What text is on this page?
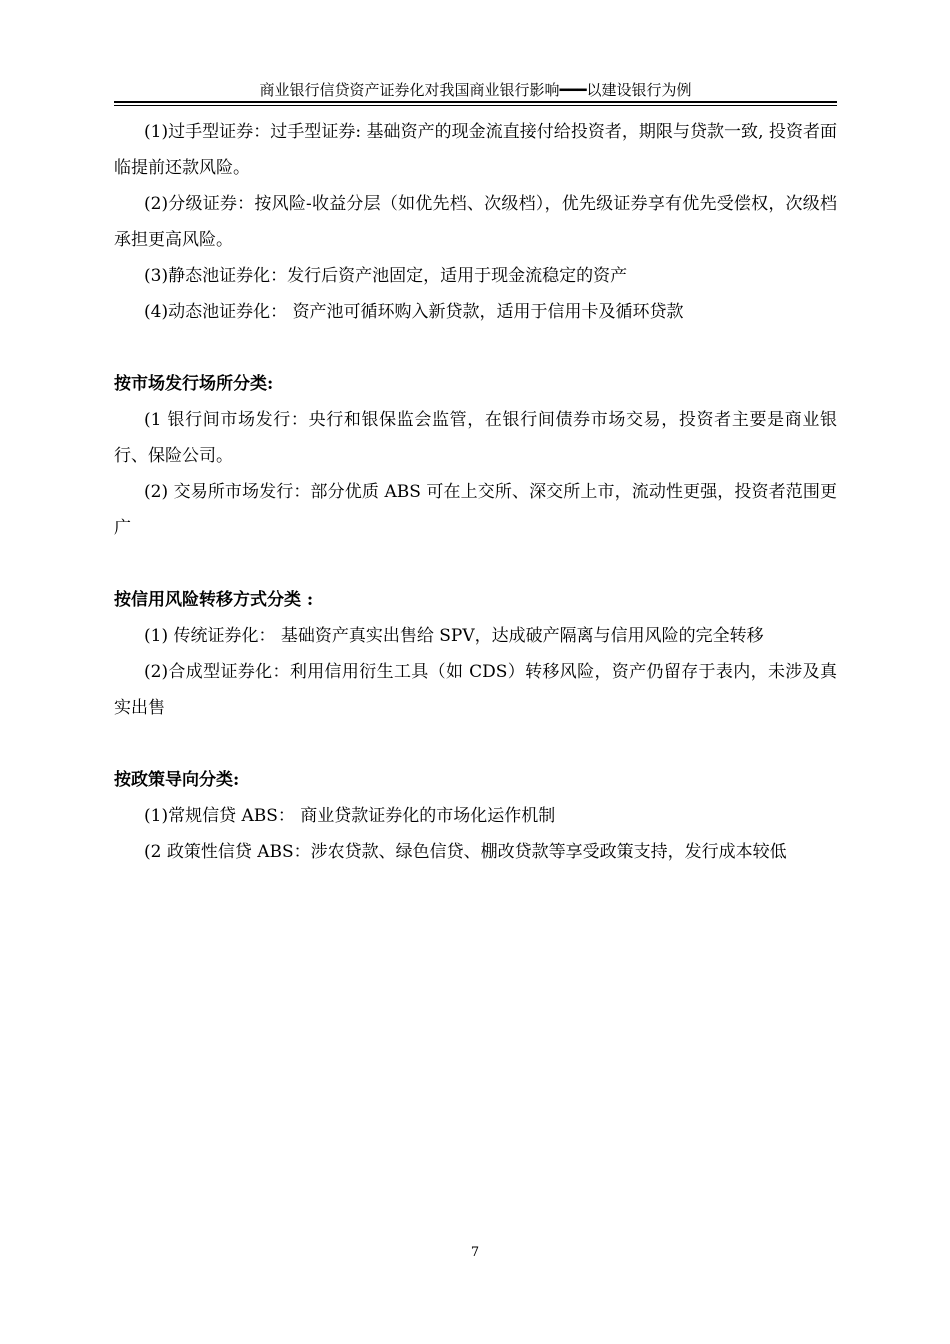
商业银行信贷资产证券化对我国商业银行影响━━━以建设银行为例

(1)过手型证券：过手型证券: 基础资产的现金流直接付给投资者，期限与贷款一致, 投资者面临提前还款风险。

(2)分级证券：按风险-收益分层（如优先档、次级档），优先级证券享有优先受偿权，次级档承担更高风险。

(3)静态池证券化：发行后资产池固定，适用于现金流稳定的资产

(4)动态池证券化： 资产池可循环购入新贷款，适用于信用卡及循环贷款

按市场发行场所分类:

(1 银行间市场发行：央行和银保监会监管，在银行间债券市场交易，投资者主要是商业银行、保险公司。

(2) 交易所市场发行：部分优质 ABS 可在上交所、深交所上市，流动性更强，投资者范围更广

按信用风险转移方式分类 :

(1) 传统证券化： 基础资产真实出售给 SPV，达成破产隔离与信用风险的完全转移

(2)合成型证券化：利用信用衍生工具（如 CDS）转移风险，资产仍留存于表内，未涉及真实出售

按政策导向分类:

(1)常规信贷 ABS： 商业贷款证券化的市场化运作机制

(2 政策性信贷 ABS：涉农贷款、绿色信贷、棚改贷款等享受政策支持，发行成本较低

7
